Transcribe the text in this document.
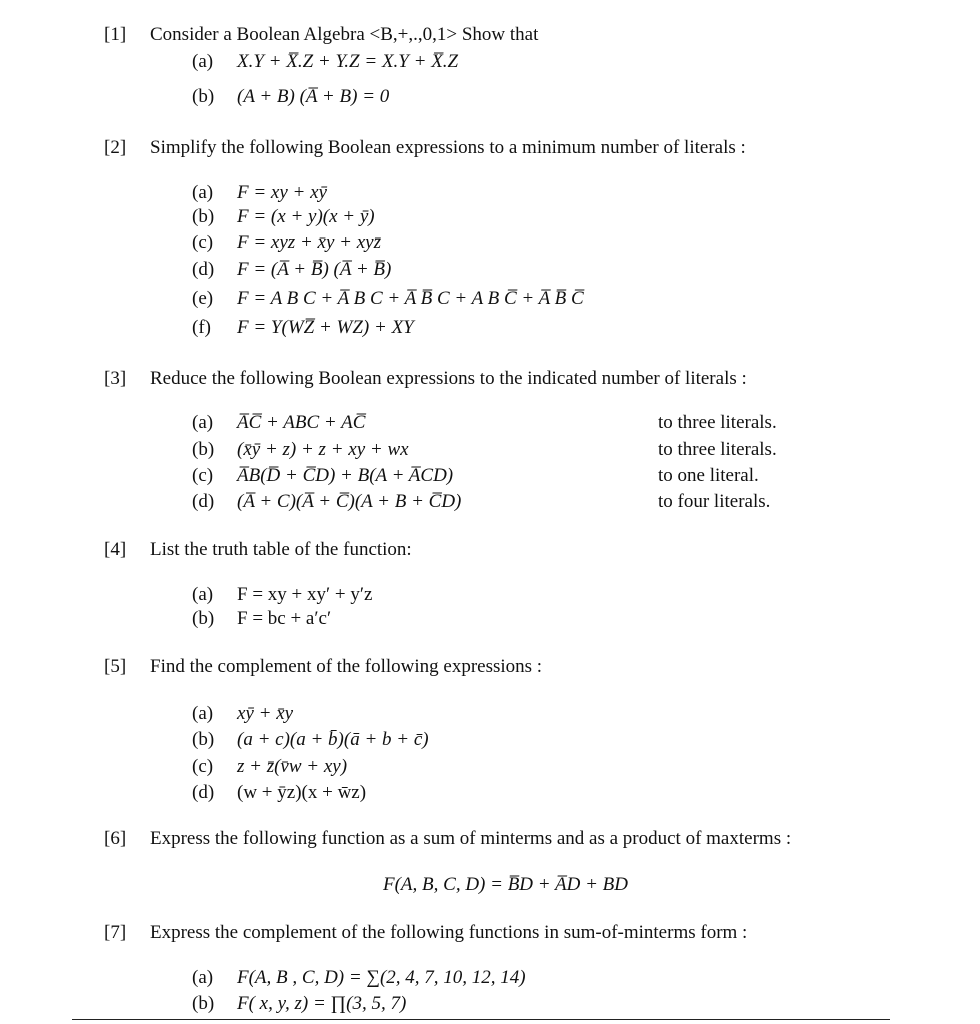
[1] Consider a Boolean Algebra <B,+,.,0,1> Show that
(a) X.Y + X̅.Z + Y.Z = X.Y + X̅.Z
(b) (A + B) (A̅ + B) = 0
[2] Simplify the following Boolean expressions to a minimum number of literals :
(a) F = xy + xȳ
(b) F = (x + y)(x + ȳ)
(c) F = xyz + x̄y + xyz̄
(d) F = (A̅ + B̅) (A̅ + B̅)
(e) F = A B C + A̅ B C + A̅ B̅ C + A B C̅ + A̅ B̅ C̅
(f) F = Y(WZ̅ + WZ) + XY
[3] Reduce the following Boolean expressions to the indicated number of literals :
(a) A̅C̅ + ABC + AC̅	to three literals.
(b) (x̄ȳ + z) + z + xy + wx	to three literals.
(c) A̅B(D̅ + C̅D) + B(A + A̅CD)	to one literal.
(d) (A̅ + C)(A̅ + C̅)(A + B + C̅D)	to four literals.
[4] List the truth table of the function:
(a) F = xy + xy′ + y′z
(b) F = bc + a′c′
[5] Find the complement of the following expressions :
(a) xȳ + x̄y
(b) (a + c)(a + b̄)(ā + b + c̄)
(c) z + z̄(v̄w + xy)
(d) (w + ȳz)(x + w̄z)
[6] Express the following function as a sum of minterms and as a product of maxterms :
F(A, B, C, D) = B̅D + A̅D + BD
[7] Express the complement of the following functions in sum-of-minterms form :
(a) F(A, B , C, D) = ∑(2, 4, 7, 10, 12, 14)
(b) F( x, y, z) = ∏(3, 5, 7)
